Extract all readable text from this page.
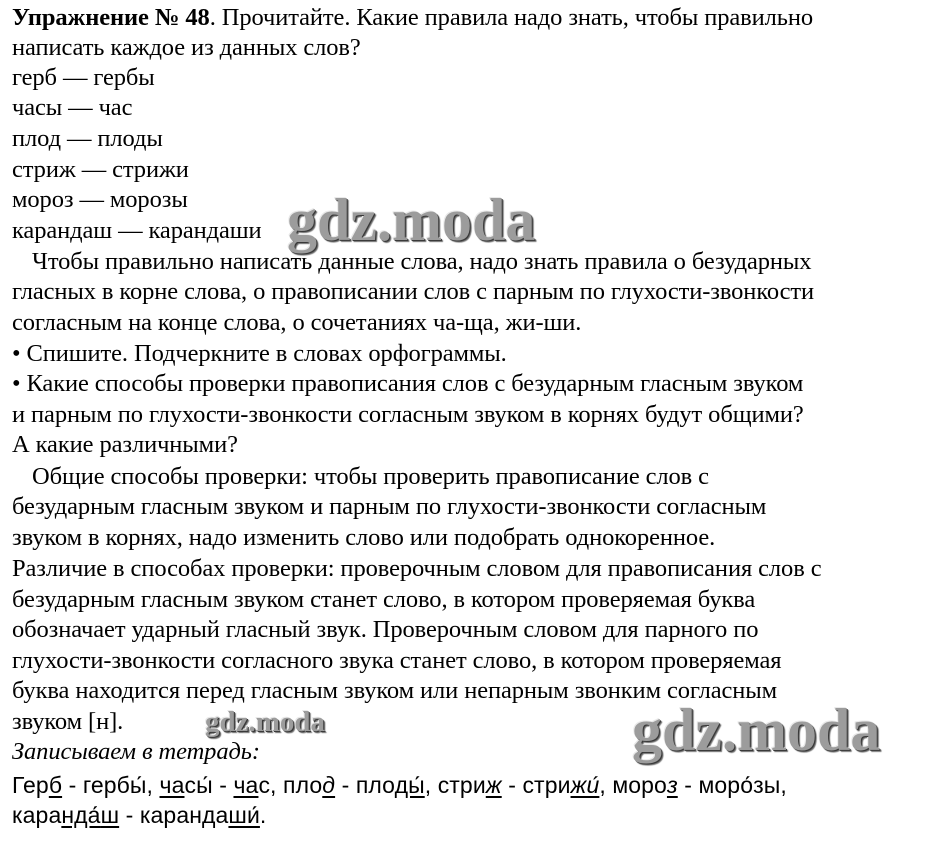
Упражнение № 48. Прочитайте. Какие правила надо знать, чтобы правильно
написать каждое из данных слов?
герб — гербы
часы — час
плод — плоды
стриж — стрижи
мороз — морозы
карандаш — карандаши
Чтобы правильно написать данные слова, надо знать правила о безударных
гласных в корне слова, о правописании слов с парным по глухости-звонкости
согласным на конце слова, о сочетаниях ча-ща, жи-ши.
• Спишите. Подчеркните в словах орфограммы.
• Какие способы проверки правописания слов с безударным гласным звуком
и парным по глухости-звонкости согласным звуком в корнях будут общими?
А какие различными?
Общие способы проверки: чтобы проверить правописание слов с
безударным гласным звуком и парным по глухости-звонкости согласным
звуком в корнях, надо изменить слово или подобрать однокоренное.
Различие в способах проверки: проверочным словом для правописания слов с
безударным гласным звуком станет слово, в котором проверяемая буква
обозначает ударный гласный звук. Проверочным словом для парного по
глухости-звонкости согласного звука станет слово, в котором проверяемая
буква находится перед гласным звуком или непарным звонким согласным
звуком [н].
Записываем в тетрадь:
Герб - гербы́, часы́ - час, плод - плоды́, стриж - стрижи́, мороз - моро́зы,
каранда́ш - карандаши́.
gdz.moda
gdz.moda	gdz.moda
